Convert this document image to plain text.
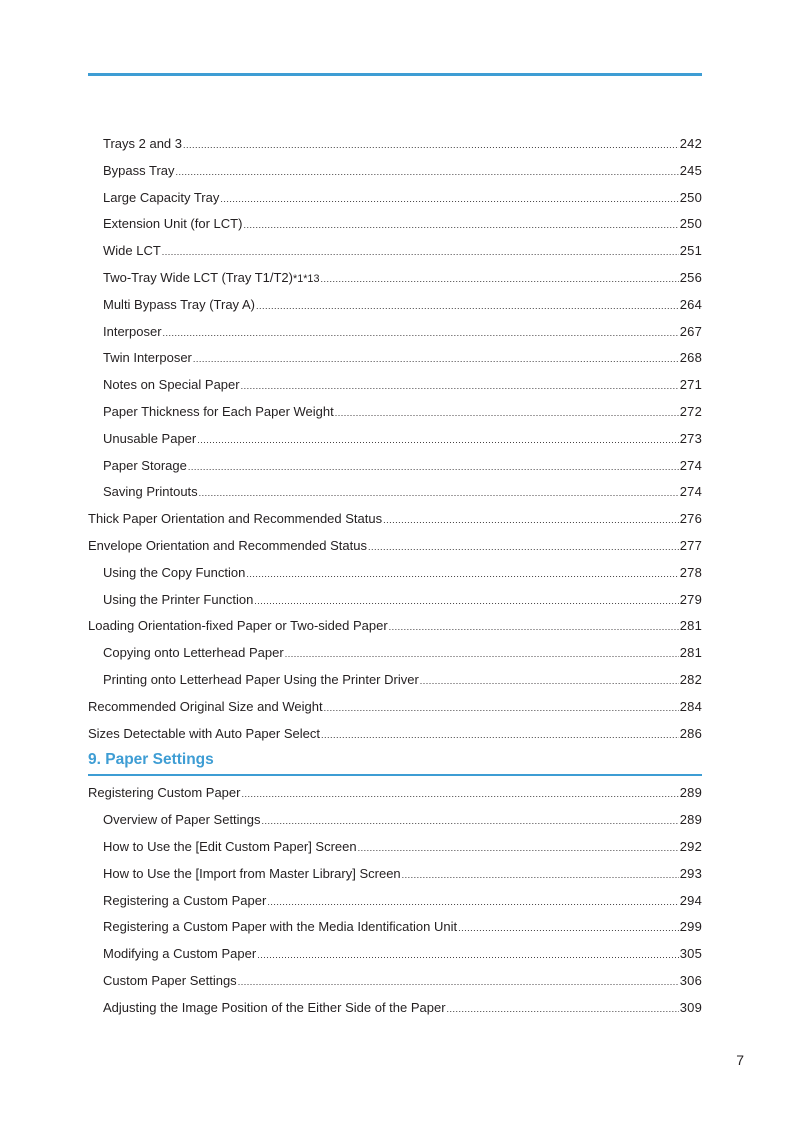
Trays 2 and 3 .....	242
Bypass Tray .....	245
Large Capacity Tray .....	250
Extension Unit (for LCT) .....	250
Wide LCT .....	251
Two-Tray Wide LCT (Tray T1/T2) *1*13 .....	256
Multi Bypass Tray (Tray A) .....	264
Interposer .....	267
Twin Interposer .....	268
Notes on Special Paper .....	271
Paper Thickness for Each Paper Weight .....	272
Unusable Paper .....	273
Paper Storage .....	274
Saving Printouts .....	274
Thick Paper Orientation and Recommended Status .....	276
Envelope Orientation and Recommended Status .....	277
Using the Copy Function .....	278
Using the Printer Function .....	279
Loading Orientation-fixed Paper or Two-sided Paper .....	281
Copying onto Letterhead Paper .....	281
Printing onto Letterhead Paper Using the Printer Driver .....	282
Recommended Original Size and Weight .....	284
Sizes Detectable with Auto Paper Select .....	286
9. Paper Settings
Registering Custom Paper .....	289
Overview of Paper Settings .....	289
How to Use the [Edit Custom Paper] Screen .....	292
How to Use the [Import from Master Library] Screen .....	293
Registering a Custom Paper .....	294
Registering a Custom Paper with the Media Identification Unit .....	299
Modifying a Custom Paper .....	305
Custom Paper Settings .....	306
Adjusting the Image Position of the Either Side of the Paper .....	309
7
